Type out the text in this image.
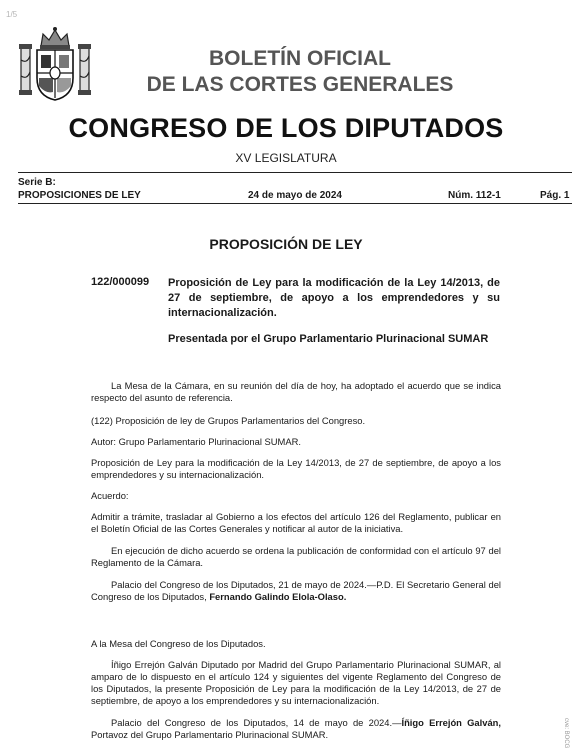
1/5
cve: BOCG
BOLETÍN OFICIAL
DE LAS CORTES GENERALES
CONGRESO DE LOS DIPUTADOS
XV LEGISLATURA
Serie B:
PROPOSICIONES DE LEY	24 de mayo de 2024	Núm. 112-1	Pág. 1
PROPOSICIÓN DE LEY
122/000099 Proposición de Ley para la modificación de la Ley 14/2013, de 27 de septiembre, de apoyo a los emprendedores y su internacionalización.
Presentada por el Grupo Parlamentario Plurinacional SUMAR
La Mesa de la Cámara, en su reunión del día de hoy, ha adoptado el acuerdo que se indica respecto del asunto de referencia.
(122) Proposición de ley de Grupos Parlamentarios del Congreso.
Autor: Grupo Parlamentario Plurinacional SUMAR.
Proposición de Ley para la modificación de la Ley 14/2013, de 27 de septiembre, de apoyo a los emprendedores y su internacionalización.
Acuerdo:
Admitir a trámite, trasladar al Gobierno a los efectos del artículo 126 del Reglamento, publicar en el Boletín Oficial de las Cortes Generales y notificar al autor de la iniciativa.
En ejecución de dicho acuerdo se ordena la publicación de conformidad con el artículo 97 del Reglamento de la Cámara.
Palacio del Congreso de los Diputados, 21 de mayo de 2024.—P.D. El Secretario General del Congreso de los Diputados, Fernando Galindo Elola-Olaso.
A la Mesa del Congreso de los Diputados.
Íñigo Errejón Galván Diputado por Madrid del Grupo Parlamentario Plurinacional SUMAR, al amparo de lo dispuesto en el artículo 124 y siguientes del vigente Reglamento del Congreso de los Diputados, la presente Proposición de Ley para la modificación de la Ley 14/2013, de 27 de septiembre, de apoyo a los emprendedores y su internacionalización.
Palacio del Congreso de los Diputados, 14 de mayo de 2024.—Íñigo Errejón Galván, Portavoz del Grupo Parlamentario Plurinacional SUMAR.
